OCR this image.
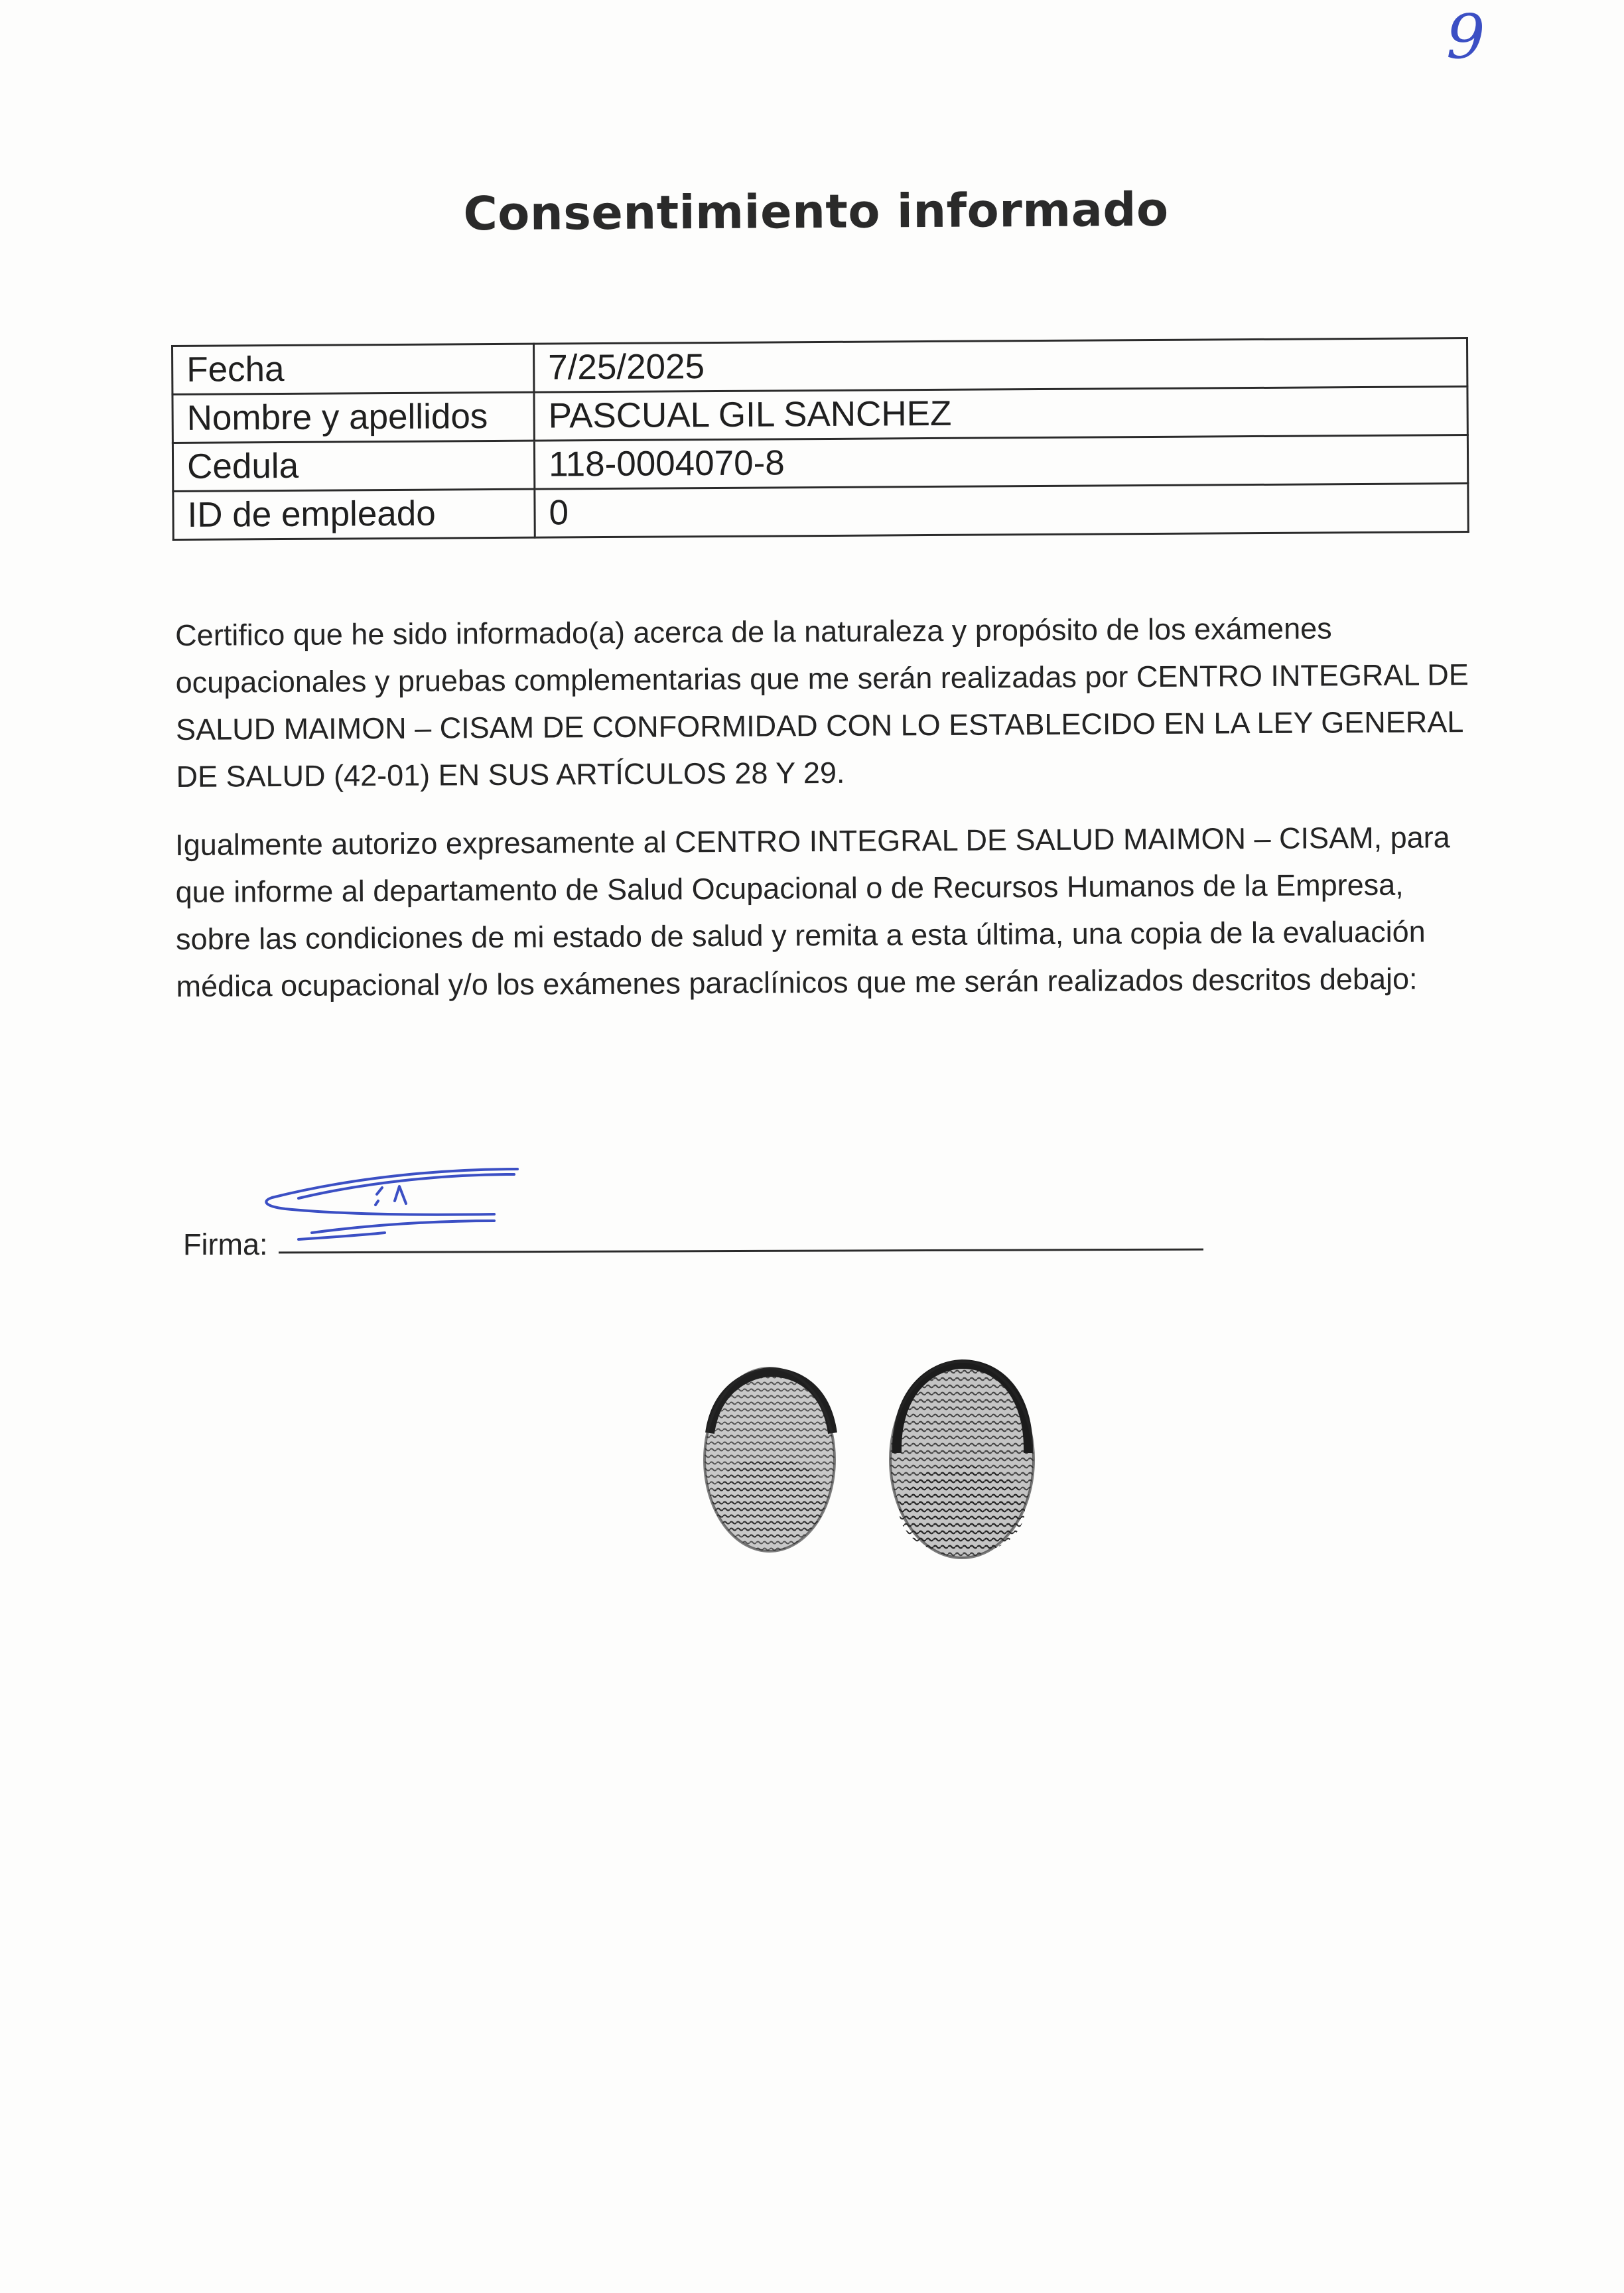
9
Consentimiento informado
Fecha	7/25/2025
Nombre y apellidos	PASCUAL GIL SANCHEZ
Cedula	118-0004070-8
ID de empleado	0

Certifico que he sido informado(a) acerca de la naturaleza y propósito de los exámenes ocupacionales y pruebas complementarias que me serán realizadas por CENTRO INTEGRAL DE SALUD MAIMON – CISAM DE CONFORMIDAD CON LO ESTABLECIDO EN LA LEY GENERAL DE SALUD (42-01) EN SUS ARTÍCULOS 28 Y 29.

Igualmente autorizo expresamente al CENTRO INTEGRAL DE SALUD MAIMON – CISAM, para que informe al departamento de Salud Ocupacional o de Recursos Humanos de la Empresa, sobre las condiciones de mi estado de salud y remita a esta última, una copia de la evaluación médica ocupacional y/o los exámenes paraclínicos que me serán realizados descritos debajo:

Firma:
